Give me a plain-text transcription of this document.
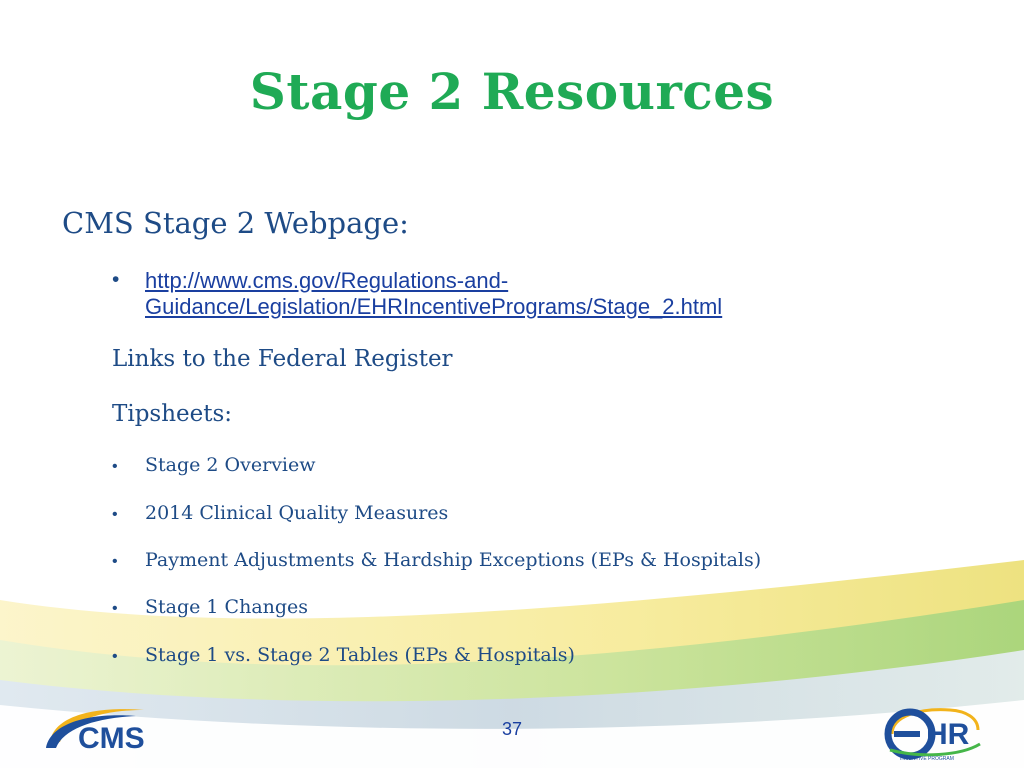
Stage 2 Resources
CMS Stage 2 Webpage:
• http://www.cms.gov/Regulations-and-Guidance/Legislation/EHRIncentivePrograms/Stage_2.html
Links to the Federal Register
Tipsheets:
• Stage 2 Overview
• 2014 Clinical Quality Measures
• Payment Adjustments & Hardship Exceptions (EPs & Hospitals)
• Stage 1 Changes
• Stage 1 vs. Stage 2 Tables (EPs & Hospitals)
37
CMS	HR
INCENTIVE PROGRAM
